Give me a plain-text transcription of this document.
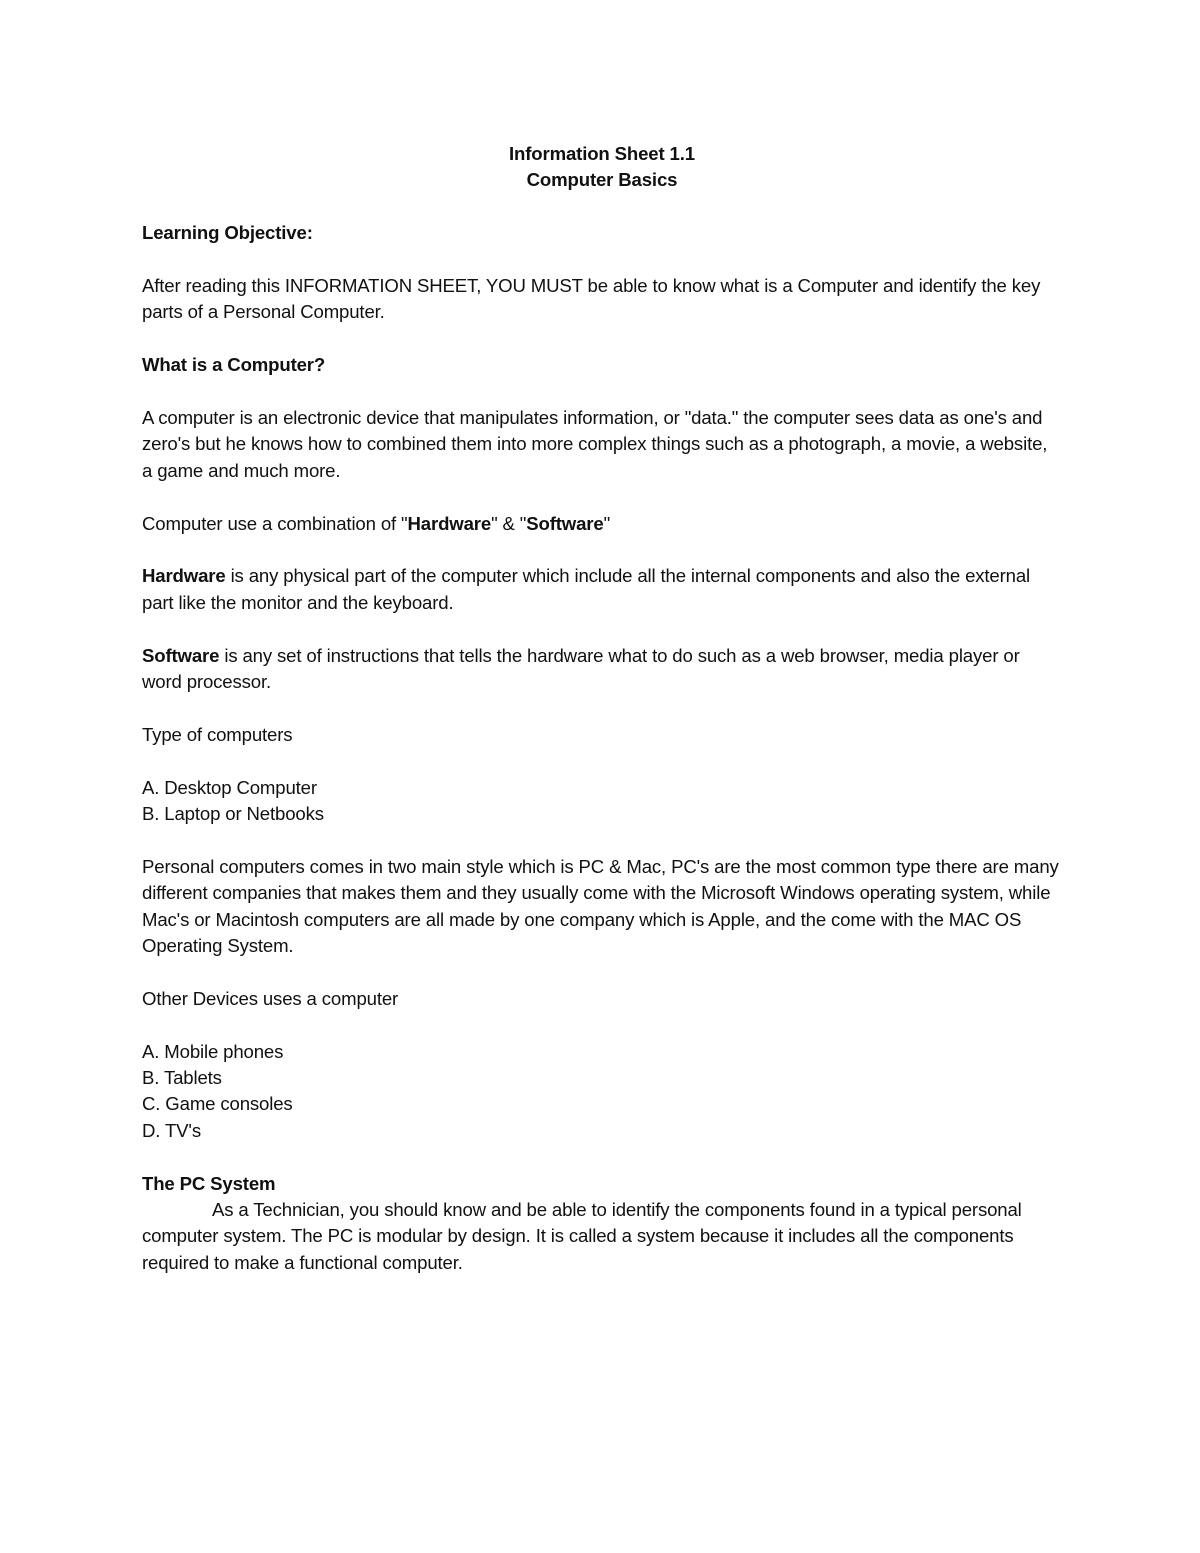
Information Sheet 1.1

Computer Basics

Learning Objective:

After reading this INFORMATION SHEET, YOU MUST be able to know what is a Computer and identify the key parts of a Personal Computer.

What is a Computer?

A computer is an electronic device that manipulates information, or "data." the computer sees data as one's and zero's but he knows how to combined them into more complex things such as a photograph, a movie, a website, a game and much more.

Computer use a combination of "Hardware" & "Software"

Hardware is any physical part of the computer which include all the internal components and also the external part like the monitor and the keyboard.

Software is any set of instructions that tells the hardware what to do such as a web browser, media player or word processor.

Type of computers

A. Desktop Computer

B. Laptop or Netbooks

Personal computers comes in two main style which is PC & Mac, PC's are the most common type there are many different companies that makes them and they usually come with the Microsoft Windows operating system, while Mac's or Macintosh computers are all made by one company which is Apple, and the come with the MAC OS Operating System.

Other Devices uses a computer

A. Mobile phones

B. Tablets

C. Game consoles

D. TV's

The PC System

As a Technician, you should know and be able to identify the components found in a typical personal computer system. The PC is modular by design. It is called a system because it includes all the components required to make a functional computer.
